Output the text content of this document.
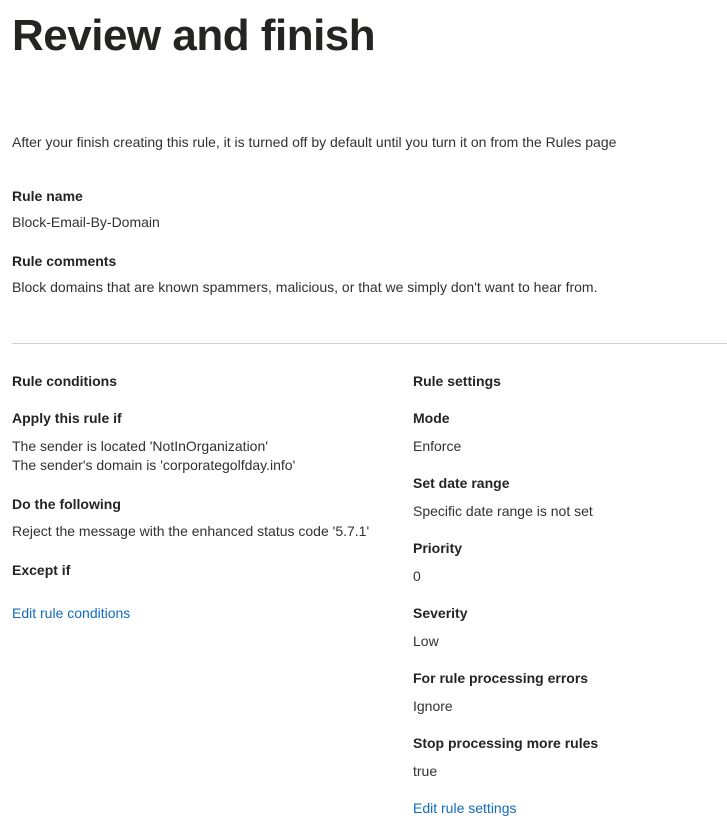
Review and finish
After your finish creating this rule, it is turned off by default until you turn it on from the Rules page
Rule name
Block-Email-By-Domain
Rule comments
Block domains that are known spammers, malicious, or that we simply don't want to hear from.
Rule conditions
Apply this rule if
The sender is located 'NotInOrganization'
The sender's domain is 'corporategolfday.info'
Do the following
Reject the message with the enhanced status code '5.7.1'
Except if
Edit rule conditions
Rule settings
Mode
Enforce
Set date range
Specific date range is not set
Priority
0
Severity
Low
For rule processing errors
Ignore
Stop processing more rules
true
Edit rule settings
